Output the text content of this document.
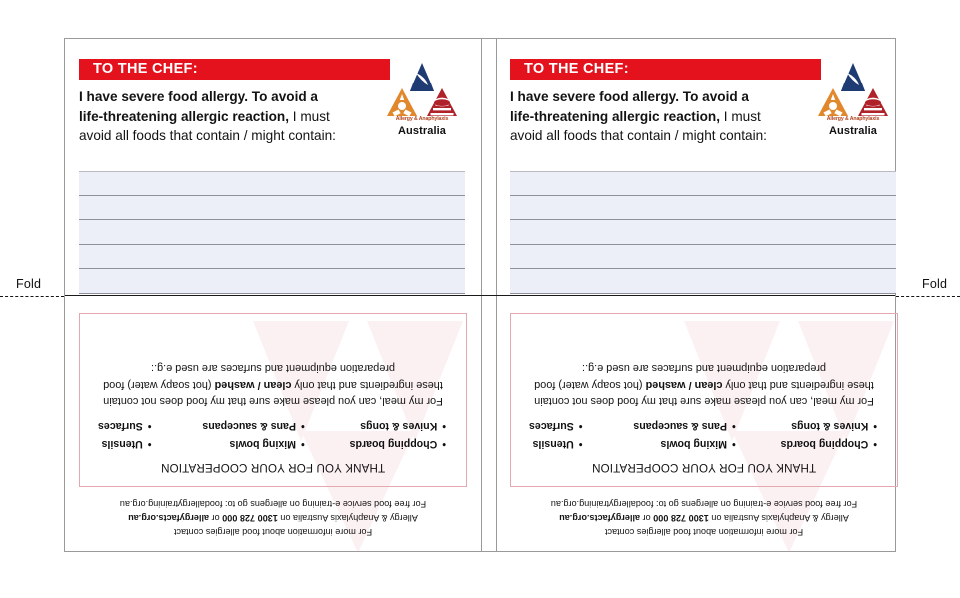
Fold	Fold
TO THE CHEF:
I have severe food allergy. To avoid a
life-threatening allergic reaction, I must
avoid all foods that contain / might contain:
Allergy & Anaphylaxis
Australia
For more information about food allergies contact
Allergy & Anaphylaxis Australia on 1300 728 000 or allergyfacts.org.au
For free food service e-training on allergens go to: foodallergytraining.org.au
THANK YOU FOR YOUR COOPERATION
• Chopping boards
• Knives & tongs
• Mixing bowls
• Pans & saucepans
• Utensils
• Surfaces
For my meal, can you please make sure that my food does not contain these ingredients and that only clean / washed (hot soapy water) food preparation equipment and surfaces are used e.g.:
TO THE CHEF:
I have severe food allergy. To avoid a
life-threatening allergic reaction, I must
avoid all foods that contain / might contain:
Allergy & Anaphylaxis
Australia
For more information about food allergies contact
Allergy & Anaphylaxis Australia on 1300 728 000 or allergyfacts.org.au
For free food service e-training on allergens go to: foodallergytraining.org.au
THANK YOU FOR YOUR COOPERATION
• Chopping boards
• Knives & tongs
• Mixing bowls
• Pans & saucepans
• Utensils
• Surfaces
For my meal, can you please make sure that my food does not contain these ingredients and that only clean / washed (hot soapy water) food preparation equipment and surfaces are used e.g.:
